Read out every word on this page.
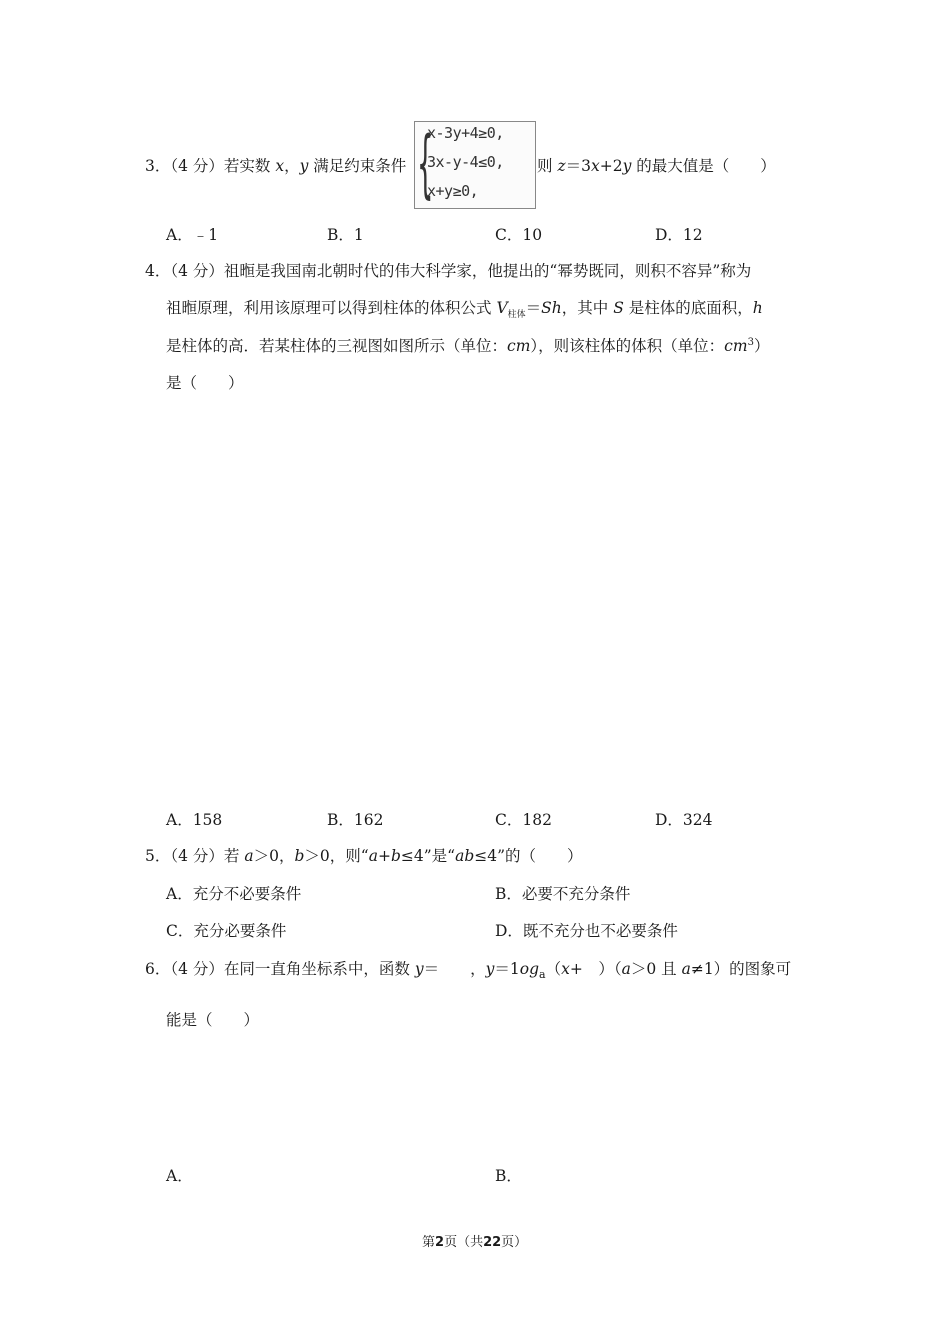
3．（4 分）若实数 x，y 满足约束条件 {
x-3y+4≥0,
3x-y-4≤0,
x+y≥0,
则 z＝3x+2y 的最大值是（　　）
A．﹣1	B．1	C．10	D．12
4．（4 分）祖暅是我国南北朝时代的伟大科学家，他提出的“幂势既同，则积不容异”称为
祖暅原理，利用该原理可以得到柱体的体积公式 $V_{柱体}=Sh$，其中 S 是柱体的底面积，h
是柱体的高．若某柱体的三视图如图所示（单位：cm），则该柱体的体积（单位：$cm^3$）
是（　　）
A．158	B．162	C．182	D．324
5．（4 分）若 a＞0，b＞0，则“a+b≤4”是“ab≤4”的（　　）
A．充分不必要条件	B．必要不充分条件
C．充分必要条件	D．既不充分也不必要条件
6．（4 分）在同一直角坐标系中，函数 y＝　　，$y=1og_a(x+$　）（a＞0 且 a≠1）的图象可
能是（　　）
A．	B．
第2页（共22页）
